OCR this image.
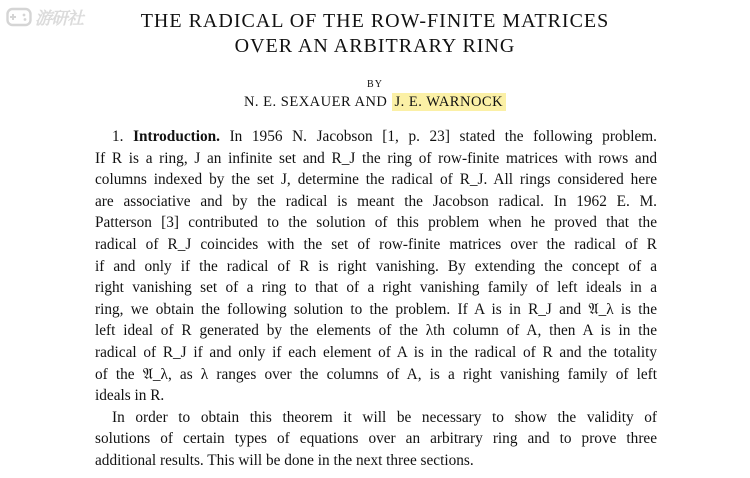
游研社	THE RADICAL OF THE ROW-FINITE MATRICES
OVER AN ARBITRARY RING
BY
N. E. SEXAUER AND J. E. WARNOCK
1. Introduction. In 1956 N. Jacobson [1, p. 23] stated the following problem.
If R is a ring, J an infinite set and R_J the ring of row-finite matrices with rows and
columns indexed by the set J, determine the radical of R_J. All rings considered here
are associative and by the radical is meant the Jacobson radical. In 1962 E. M.
Patterson [3] contributed to the solution of this problem when he proved that the
radical of R_J coincides with the set of row-finite matrices over the radical of R
if and only if the radical of R is right vanishing. By extending the concept of a
right vanishing set of a ring to that of a right vanishing family of left ideals in a
ring, we obtain the following solution to the problem. If A is in R_J and 𝔄_λ is the
left ideal of R generated by the elements of the λth column of A, then A is in the
radical of R_J if and only if each element of A is in the radical of R and the totality
of the 𝔄_λ, as λ ranges over the columns of A, is a right vanishing family of left
ideals in R.
In order to obtain this theorem it will be necessary to show the validity of
solutions of certain types of equations over an arbitrary ring and to prove three
additional results. This will be done in the next three sections.
